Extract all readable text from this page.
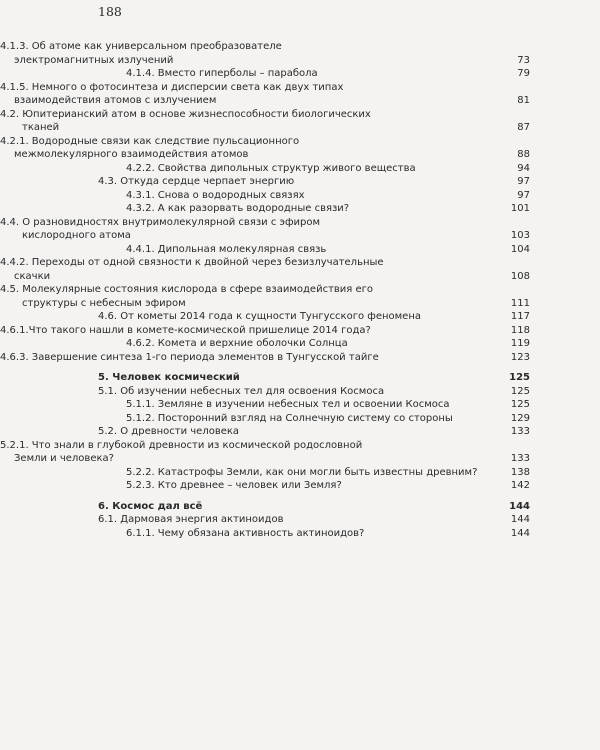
188
4.1.3. Об атоме как универсальном преобразователе электромагнитных излучений	73
4.1.4. Вместо гиперболы – парабола	79
4.1.5. Немного о фотосинтеза и дисперсии света как двух типах взаимодействия атомов с излучением	81
4.2. Юпитерианский атом в основе жизнеспособности биологических тканей	87
4.2.1. Водородные связи как следствие пульсационного межмолекулярного взаимодействия атомов	88
4.2.2. Свойства дипольных структур живого вещества	94
4.3. Откуда сердце черпает энергию	97
4.3.1. Снова о водородных связях	97
4.3.2. А как разорвать водородные связи?	101
4.4. О разновидностях внутримолекулярной связи с эфиром кислородного атома	103
4.4.1. Дипольная молекулярная связь	104
4.4.2. Переходы от одной связности к двойной через безизлучательные скачки	108
4.5. Молекулярные состояния кислорода в сфере взаимодействия его структуры с небесным эфиром	111
4.6. От кометы 2014 года к сущности Тунгусского феномена	117
4.6.1.Что такого нашли в комете-космической пришелице 2014 года?	118
4.6.2. Комета и верхние оболочки Солнца	119
4.6.3. Завершение синтеза 1-го периода элементов в Тунгусской тайге	123
5. Человек космический	125
5.1. Об изучении небесных тел для освоения Космоса	125
5.1.1. Землянe в изучении небесных тел и освоении Космоса	125
5.1.2. Посторонний взгляд на Солнечную систему со стороны	129
5.2. О древности человека	133
5.2.1. Что знали в глубокой древности из космической родословной Земли и человека?	133
5.2.2. Катастрофы Земли, как они могли быть известны древним?	138
5.2.3. Кто древнее – человек или Земля?	142
6. Космос дал всё	144
6.1. Дармовая энергия актиноидов	144
6.1.1. Чему обязана активность актиноидов?	144
